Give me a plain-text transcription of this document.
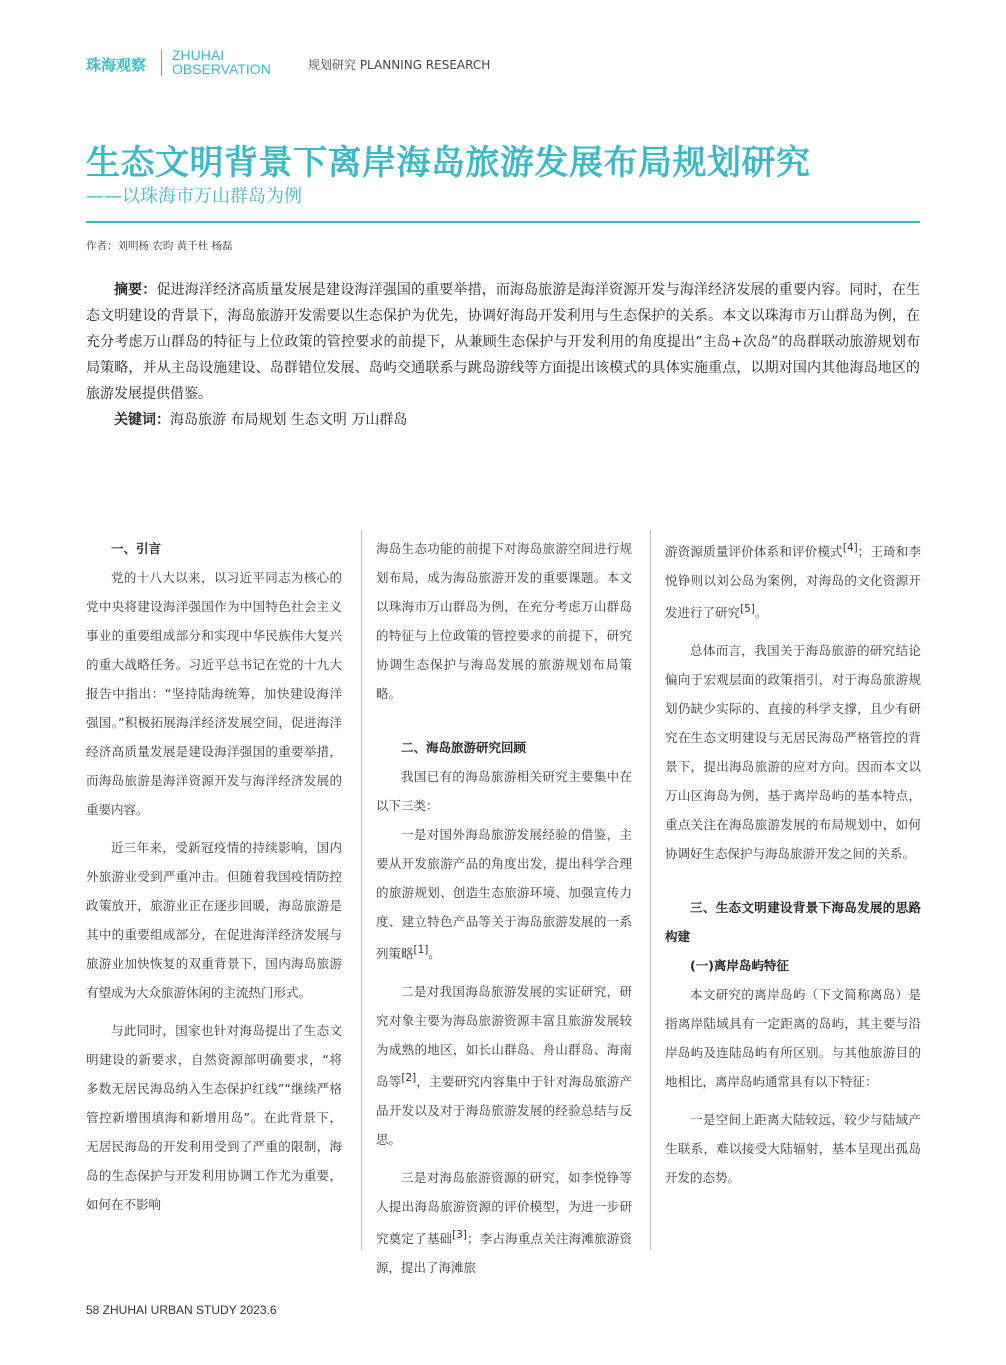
珠海观察
ZHUHAI
OBSERVATION	规划研究 PLANNING RESEARCH
生态文明背景下离岸海岛旅游发展布局规划研究
——以珠海市万山群岛为例
作者：刘明杨 农昀 黄千杜 杨磊

摘要：促进海洋经济高质量发展是建设海洋强国的重要举措，而海岛旅游是海洋资源开发与海洋经济发展的重要内容。同时，在生态文明建设的背景下，海岛旅游开发需要以生态保护为优先，协调好海岛开发利用与生态保护的关系。本文以珠海市万山群岛为例，在充分考虑万山群岛的特征与上位政策的管控要求的前提下，从兼顾生态保护与开发利用的角度提出“主岛+次岛”的岛群联动旅游规划布局策略，并从主岛设施建设、岛群错位发展、岛屿交通联系与跳岛游线等方面提出该模式的具体实施重点，以期对国内其他海岛地区的旅游发展提供借鉴。

关键词：海岛旅游 布局规划 生态文明 万山群岛

一、引言

党的十八大以来，以习近平同志为核心的党中央将建设海洋强国作为中国特色社会主义事业的重要组成部分和实现中华民族伟大复兴的重大战略任务。习近平总书记在党的十九大报告中指出：“坚持陆海统筹，加快建设海洋强国。”积极拓展海洋经济发展空间，促进海洋经济高质量发展是建设海洋强国的重要举措，而海岛旅游是海洋资源开发与海洋经济发展的重要内容。

近三年来，受新冠疫情的持续影响，国内外旅游业受到严重冲击。但随着我国疫情防控政策放开，旅游业正在逐步回暖，海岛旅游是其中的重要组成部分，在促进海洋经济发展与旅游业加快恢复的双重背景下，国内海岛旅游有望成为大众旅游休闲的主流热门形式。

与此同时，国家也针对海岛提出了生态文明建设的新要求，自然资源部明确要求，“将多数无居民海岛纳入生态保护红线”“继续严格管控新增围填海和新增用岛”。在此背景下，无居民海岛的开发利用受到了严重的限制，海岛的生态保护与开发利用协调工作尤为重要，如何在不影响

海岛生态功能的前提下对海岛旅游空间进行规划布局，成为海岛旅游开发的重要课题。本文以珠海市万山群岛为例，在充分考虑万山群岛的特征与上位政策的管控要求的前提下，研究协调生态保护与海岛发展的旅游规划布局策略。

二、海岛旅游研究回顾

我国已有的海岛旅游相关研究主要集中在以下三类：

一是对国外海岛旅游发展经验的借鉴，主要从开发旅游产品的角度出发，提出科学合理的旅游规划、创造生态旅游环境、加强宣传力度、建立特色产品等关于海岛旅游发展的一系列策略[1]。

二是对我国海岛旅游发展的实证研究，研究对象主要为海岛旅游资源丰富且旅游发展较为成熟的地区，如长山群岛、舟山群岛、海南岛等[2]，主要研究内容集中于针对海岛旅游产品开发以及对于海岛旅游发展的经验总结与反思。

三是对海岛旅游资源的研究，如李悦铮等人提出海岛旅游资源的评价模型，为进一步研究奠定了基础[3]；李占海重点关注海滩旅游资源，提出了海滩旅

游资源质量评价体系和评价模式[4]；王琦和李悦铮则以刘公岛为案例，对海岛的文化资源开发进行了研究[5]。

总体而言，我国关于海岛旅游的研究结论偏向于宏观层面的政策指引，对于海岛旅游规划仍缺少实际的、直接的科学支撑，且少有研究在生态文明建设与无居民海岛严格管控的背景下，提出海岛旅游的应对方向。因而本文以万山区海岛为例，基于离岸岛屿的基本特点，重点关注在海岛旅游发展的布局规划中，如何协调好生态保护与海岛旅游开发之间的关系。

三、生态文明建设背景下海岛发展的思路构建

(一)离岸岛屿特征

本文研究的离岸岛屿（下文简称离岛）是指离岸陆域具有一定距离的岛屿，其主要与沿岸岛屿及连陆岛屿有所区别。与其他旅游目的地相比，离岸岛屿通常具有以下特征：

一是空间上距离大陆较远，较少与陆域产生联系，难以接受大陆辐射，基本呈现出孤岛开发的态势。

58 ZHUHAI URBAN STUDY 2023.6
